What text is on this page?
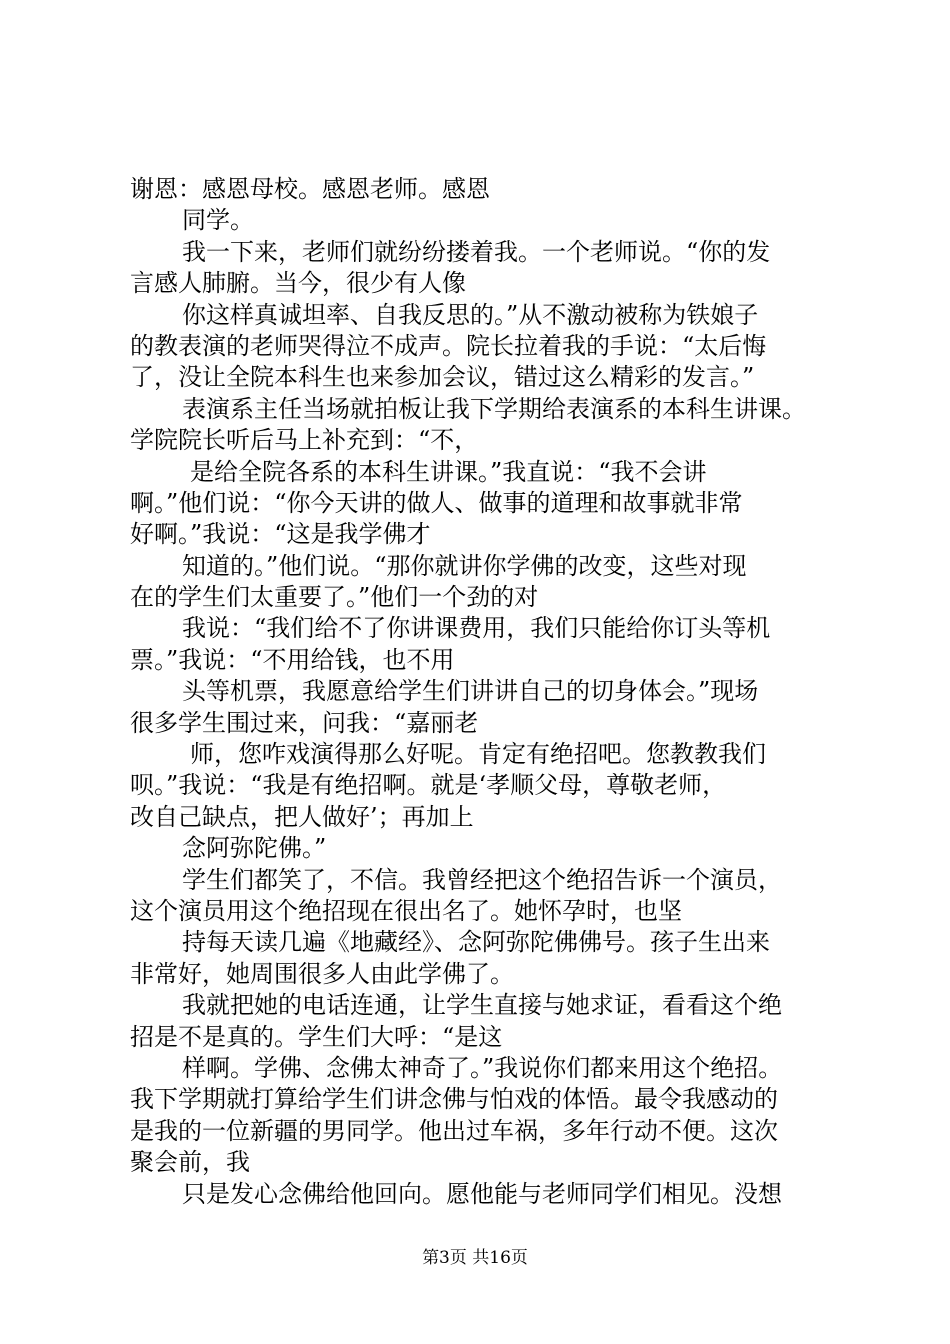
谢恩：感恩母校。感恩老师。感恩
同学。
我一下来，老师们就纷纷搂着我。一个老师说。“你的发
言感人肺腑。当今，很少有人像
你这样真诚坦率、自我反思的。”从不激动被称为铁娘子
的教表演的老师哭得泣不成声。院长拉着我的手说：“太后悔
了，没让全院本科生也来参加会议，错过这么精彩的发言。”
表演系主任当场就拍板让我下学期给表演系的本科生讲课。
学院院长听后马上补充到：“不，
是给全院各系的本科生讲课。”我直说：“我不会讲
啊。”他们说：“你今天讲的做人、做事的道理和故事就非常
好啊。”我说：“这是我学佛才
知道的。”他们说。“那你就讲你学佛的改变，这些对现
在的学生们太重要了。”他们一个劲的对
我说：“我们给不了你讲课费用，我们只能给你订头等机
票。”我说：“不用给钱，也不用
头等机票，我愿意给学生们讲讲自己的切身体会。”现场
很多学生围过来，问我：“嘉丽老
师，您咋戏演得那么好呢。肯定有绝招吧。您教教我们
呗。”我说：“我是有绝招啊。就是‘孝顺父母，尊敬老师，
改自己缺点，把人做好’；再加上
念阿弥陀佛。”
学生们都笑了，不信。我曾经把这个绝招告诉一个演员，
这个演员用这个绝招现在很出名了。她怀孕时，也坚
持每天读几遍《地藏经》、念阿弥陀佛佛号。孩子生出来
非常好，她周围很多人由此学佛了。
我就把她的电话连通，让学生直接与她求证，看看这个绝
招是不是真的。学生们大呼：“是这
样啊。学佛、念佛太神奇了。”我说你们都来用这个绝招。
我下学期就打算给学生们讲念佛与怕戏的体悟。最令我感动的
是我的一位新疆的男同学。他出过车祸，多年行动不便。这次
聚会前，我
只是发心念佛给他回向。愿他能与老师同学们相见。没想
第3页 共16页
